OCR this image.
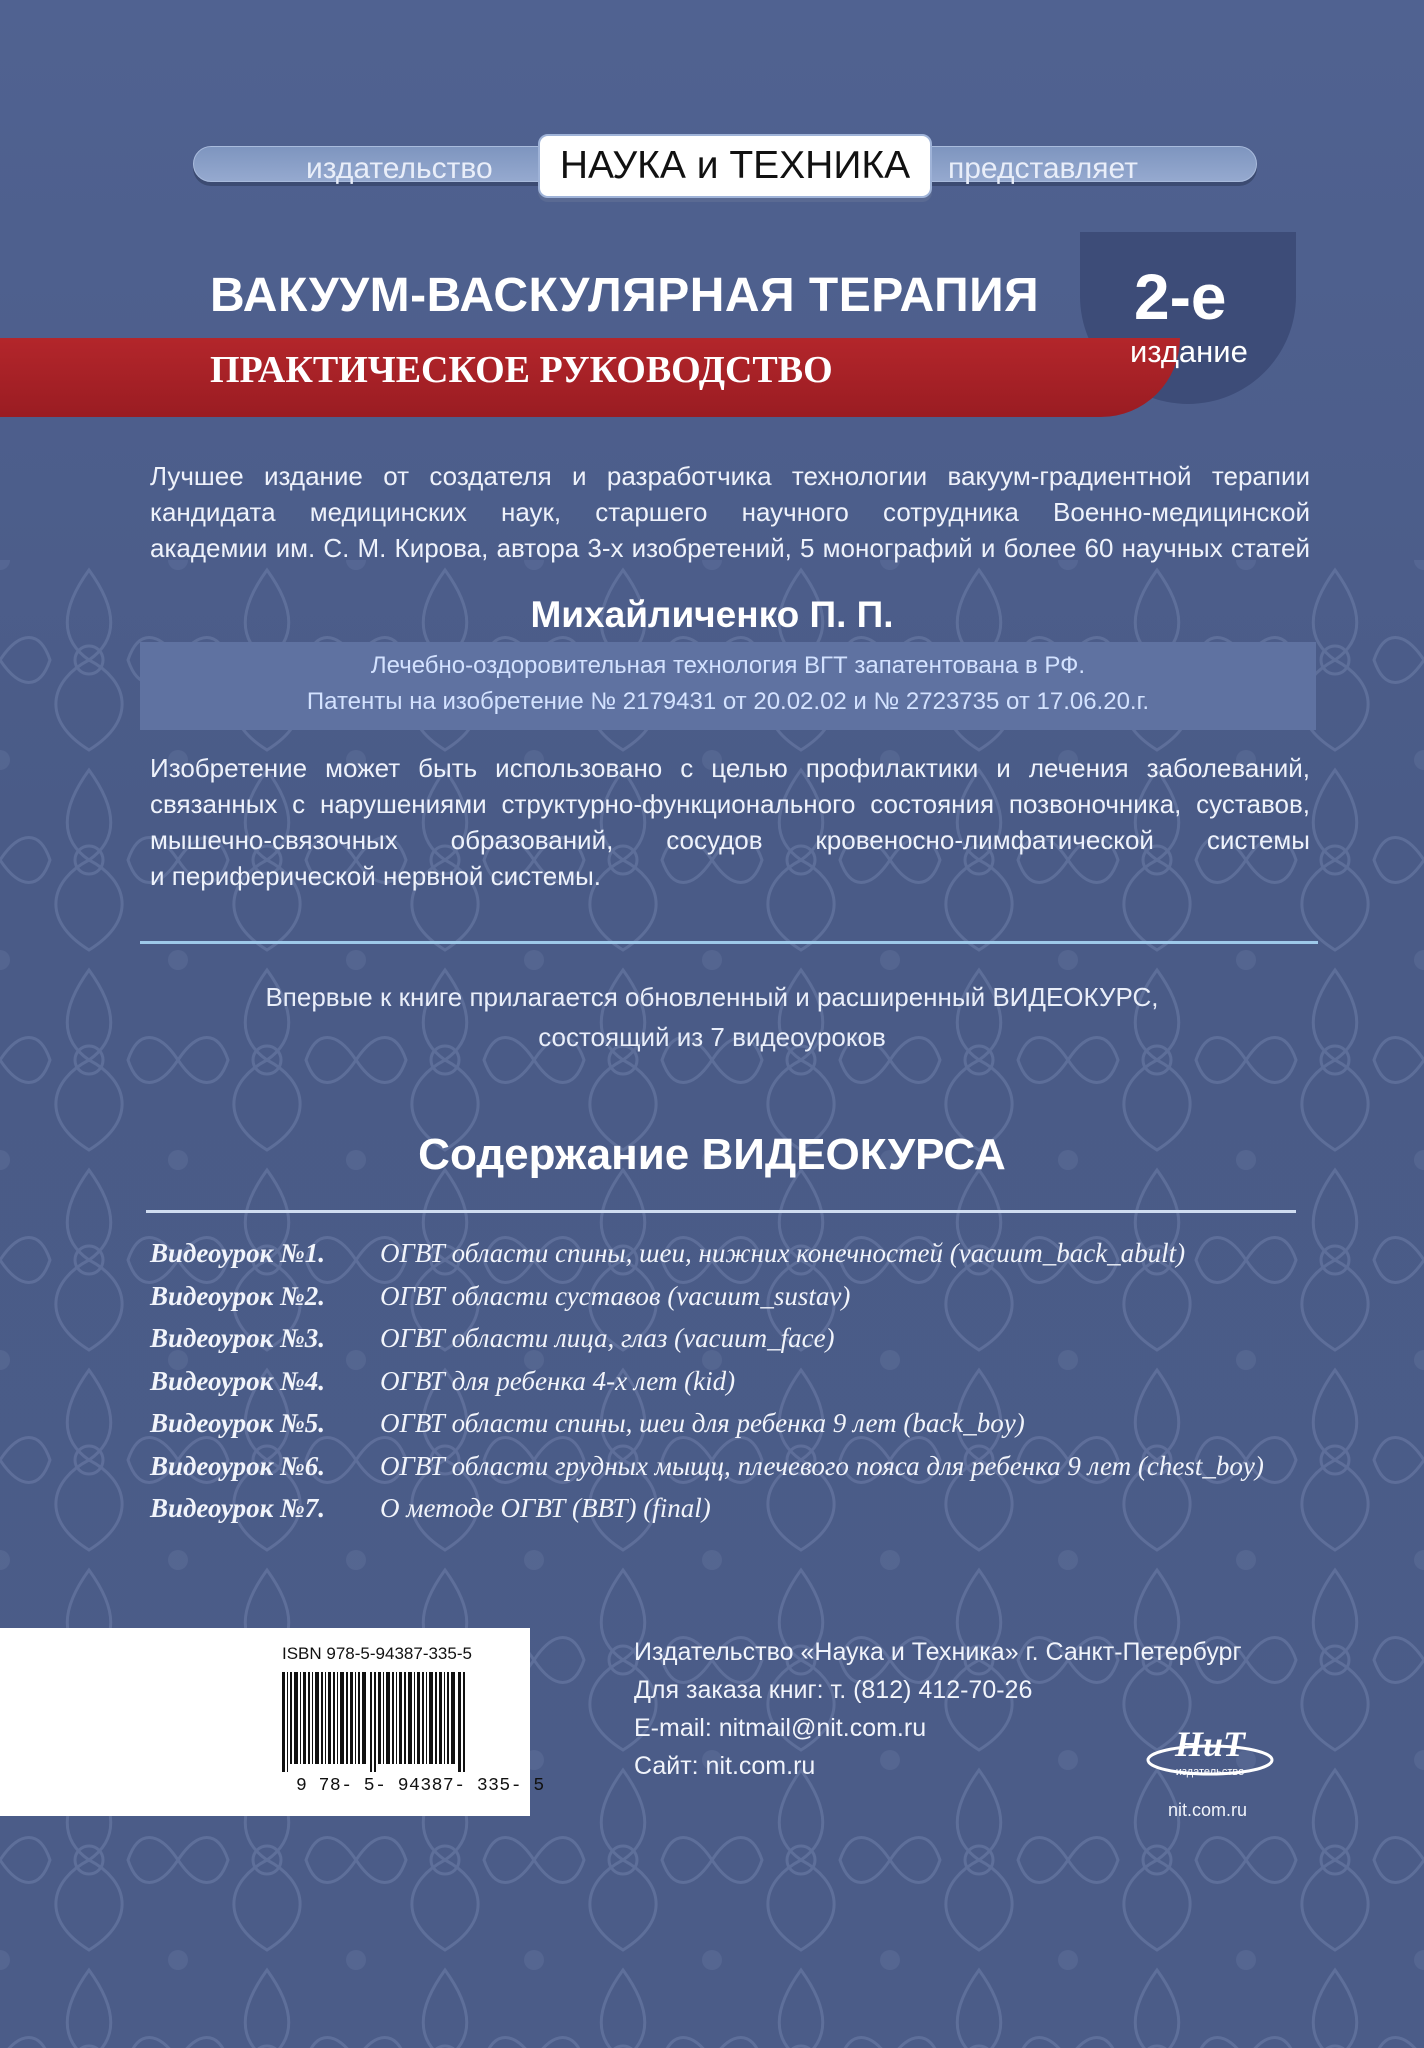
издательство	представляет
НАУКА и ТЕХНИКА
ВАКУУМ-ВАСКУЛЯРНАЯ ТЕРАПИЯ
ПРАКТИЧЕСКОЕ РУКОВОДСТВО
2-е
издание
Лучшее издание от создателя и разработчика технологии вакуум-градиентной терапии
кандидата медицинских наук, старшего научного сотрудника Военно-медицинской
академии им. С. М. Кирова, автора 3-х изобретений, 5 монографий и более 60 научных статей
Михайличенко П. П.
Лечебно-оздоровительная технология ВГТ запатентована в РФ.
Патенты на изобретение № 2179431 от 20.02.02 и № 2723735 от 17.06.20.г.
Изобретение может быть использовано с целью профилактики и лечения заболеваний,
связанных с нарушениями структурно-функционального состояния позвоночника, суставов,
мышечно-связочных образований, сосудов кровеносно-лимфатической системы
и периферической нервной системы.
Впервые к книге прилагается обновленный и расширенный ВИДЕОКУРС,
состоящий из 7 видеоуроков
Содержание ВИДЕОКУРСА
Видеоурок №1. ОГВТ области спины, шеи, нижних конечностей (vacuum_back_abult)
Видеоурок №2. ОГВТ области суставов (vacuum_sustav)
Видеоурок №3. ОГВТ области лица, глаз (vacuum_face)
Видеоурок №4. ОГВТ для ребенка 4-х лет (kid)
Видеоурок №5. ОГВТ области спины, шеи для ребенка 9 лет (back_boy)
Видеоурок №6. ОГВТ области грудных мыщц, плечевого пояса для ребенка 9 лет (chest_boy)
Видеоурок №7. О методе ОГВТ (ВВТ) (final)
ISBN 978-5-94387-335-5
9 78- 5- 94387- 335- 5
Издательство «Наука и Техника» г. Санкт-Петербург
Для заказа книг: т. (812) 412-70-26
E-mail: nitmail@nit.com.ru
Сайт: nit.com.ru
НиТ
издательство
nit.com.ru
